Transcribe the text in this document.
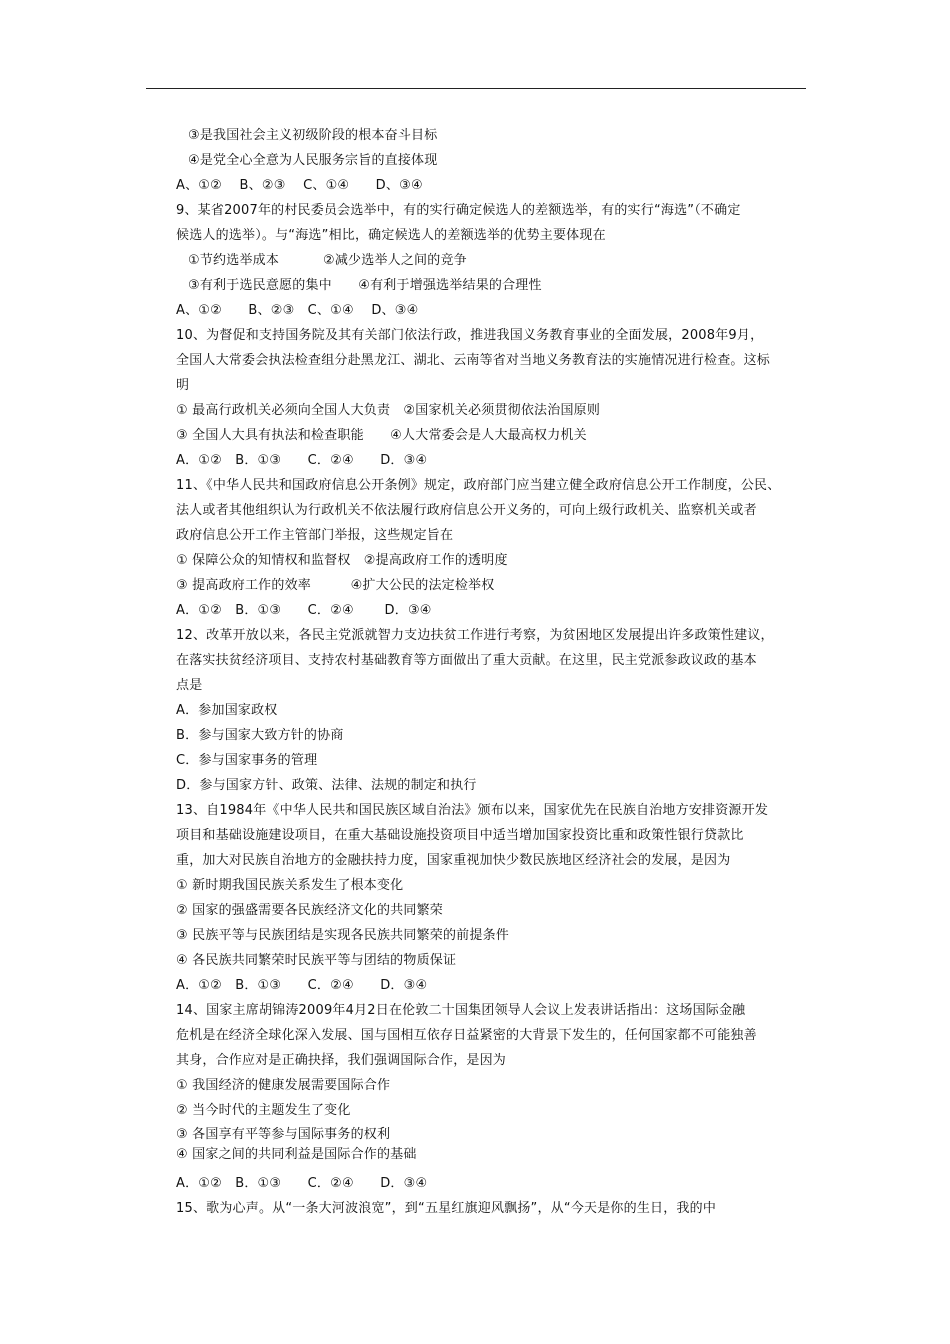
③是我国社会主义初级阶段的根本奋斗目标
④是党全心全意为人民服务宗旨的直接体现
A、①②　 B、②③　 C、①④　　D、③④
9、某省2007年的村民委员会选举中，有的实行确定候选人的差额选举，有的实行“海选”（不确定
候选人的选举）。与“海选”相比，确定候选人的差额选举的优势主要体现在
①节约选举成本　　　 ②减少选举人之间的竞争
③有利于选民意愿的集中　　④有利于增强选举结果的合理性
A、①②　　B、②③　C、①④　 D、③④
10、为督促和支持国务院及其有关部门依法行政，推进我国义务教育事业的全面发展，2008年9月，
全国人大常委会执法检查组分赴黑龙江、湖北、云南等省对当地义务教育法的实施情况进行检查。这标
明
① 最高行政机关必须向全国人大负责　②国家机关必须贯彻依法治国原则
③ 全国人大具有执法和检查职能　　④人大常委会是人大最高权力机关
A．①②　B．①③　　C．②④　　D．③④
11、《中华人民共和国政府信息公开条例》规定，政府部门应当建立健全政府信息公开工作制度，公民、
法人或者其他组织认为行政机关不依法履行政府信息公开义务的，可向上级行政机关、监察机关或者
政府信息公开工作主管部门举报，这些规定旨在
① 保障公众的知情权和监督权　②提高政府工作的透明度
③ 提高政府工作的效率　　　④扩大公民的法定检举权
A．①②　B．①③　　C．②④　　 D．③④
12、改革开放以来，各民主党派就智力支边扶贫工作进行考察，为贫困地区发展提出许多政策性建议，
在落实扶贫经济项目、支持农村基础教育等方面做出了重大贡献。在这里，民主党派参政议政的基本
点是
A．参加国家政权
B．参与国家大致方针的协商
C．参与国家事务的管理
D．参与国家方针、政策、法律、法规的制定和执行
13、自1984年《中华人民共和国民族区域自治法》颁布以来，国家优先在民族自治地方安排资源开发
项目和基础设施建设项目，在重大基础设施投资项目中适当增加国家投资比重和政策性银行贷款比
重，加大对民族自治地方的金融扶持力度，国家重视加快少数民族地区经济社会的发展，是因为
① 新时期我国民族关系发生了根本变化
② 国家的强盛需要各民族经济文化的共同繁荣
③ 民族平等与民族团结是实现各民族共同繁荣的前提条件
④ 各民族共同繁荣时民族平等与团结的物质保证
A．①②　B．①③　　C．②④　　D．③④
14、国家主席胡锦涛2009年4月2日在伦敦二十国集团领导人会议上发表讲话指出：这场国际金融
危机是在经济全球化深入发展、国与国相互依存日益紧密的大背景下发生的，任何国家都不可能独善
其身，合作应对是正确抉择，我们强调国际合作，是因为
① 我国经济的健康发展需要国际合作
② 当今时代的主题发生了变化
③ 各国享有平等参与国际事务的权利
④ 国家之间的共同利益是国际合作的基础
A．①②　B．①③　　C．②④　　D．③④
15、歌为心声。从“一条大河波浪宽”，到“五星红旗迎风飘扬”，从“今天是你的生日，我的中
